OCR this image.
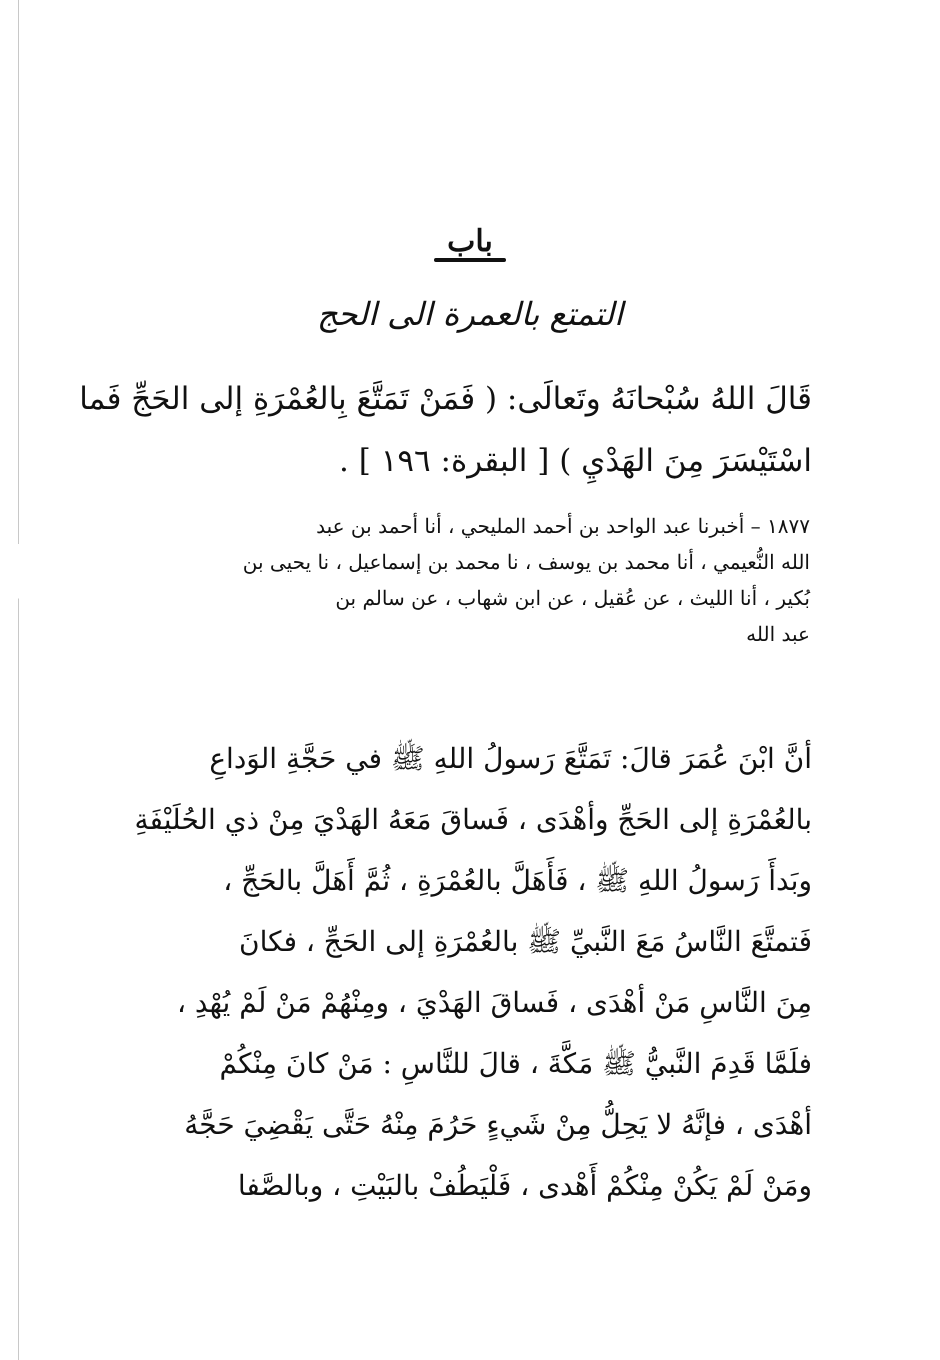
باب
التمتع بالعمرة الى الحج
قَالَ اللهُ سُبْحانَهُ وتَعالَى: ( فَمَنْ تَمَتَّعَ بِالعُمْرَةِ إلى الحَجِّ فَما
اسْتَيْسَرَ مِنَ الهَدْيِ ) [ البقرة: ١٩٦ ] .
١٨٧٧ – أخبرنا عبد الواحد بن أحمد المليحي ، أنا أحمد بن عبد
الله النُّعيمي ، أنا محمد بن يوسف ، نا محمد بن إسماعيل ، نا يحيى بن
بُكير ، أنا الليث ، عن عُقيل ، عن ابن شهاب ، عن سالم بن
عبد الله
أنَّ ابْنَ عُمَرَ قالَ: تَمَتَّعَ رَسولُ اللهِ ﷺ في حَجَّةِ الوَداعِ
بالعُمْرَةِ إلى الحَجِّ وأهْدَى ، فَساقَ مَعَهُ الهَدْيَ مِنْ ذي الحُلَيْفَةِ
وبَدأَ رَسولُ اللهِ ﷺ ، فَأَهَلَّ بالعُمْرَةِ ، ثُمَّ أَهَلَّ بالحَجِّ ،
فَتمتَّعَ النَّاسُ مَعَ النَّبيِّ ﷺ بالعُمْرَةِ إلى الحَجِّ ، فكانَ
مِنَ النَّاسِ مَنْ أهْدَى ، فَساقَ الهَدْيَ ، ومِنْهُمْ مَنْ لَمْ يُهْدِ ،
فلَمَّا قَدِمَ النَّبيُّ ﷺ مَكَّةَ ، قالَ للنَّاسِ : مَنْ كانَ مِنْكُمْ
أهْدَى ، فإنَّهُ لا يَحِلُّ مِنْ شَيءٍ حَرُمَ مِنْهُ حَتَّى يَقْضِيَ حَجَّهُ
ومَنْ لَمْ يَكُنْ مِنْكُمْ أَهْدى ، فَلْيَطُفْ بالبَيْتِ ، وبالصَّفا
